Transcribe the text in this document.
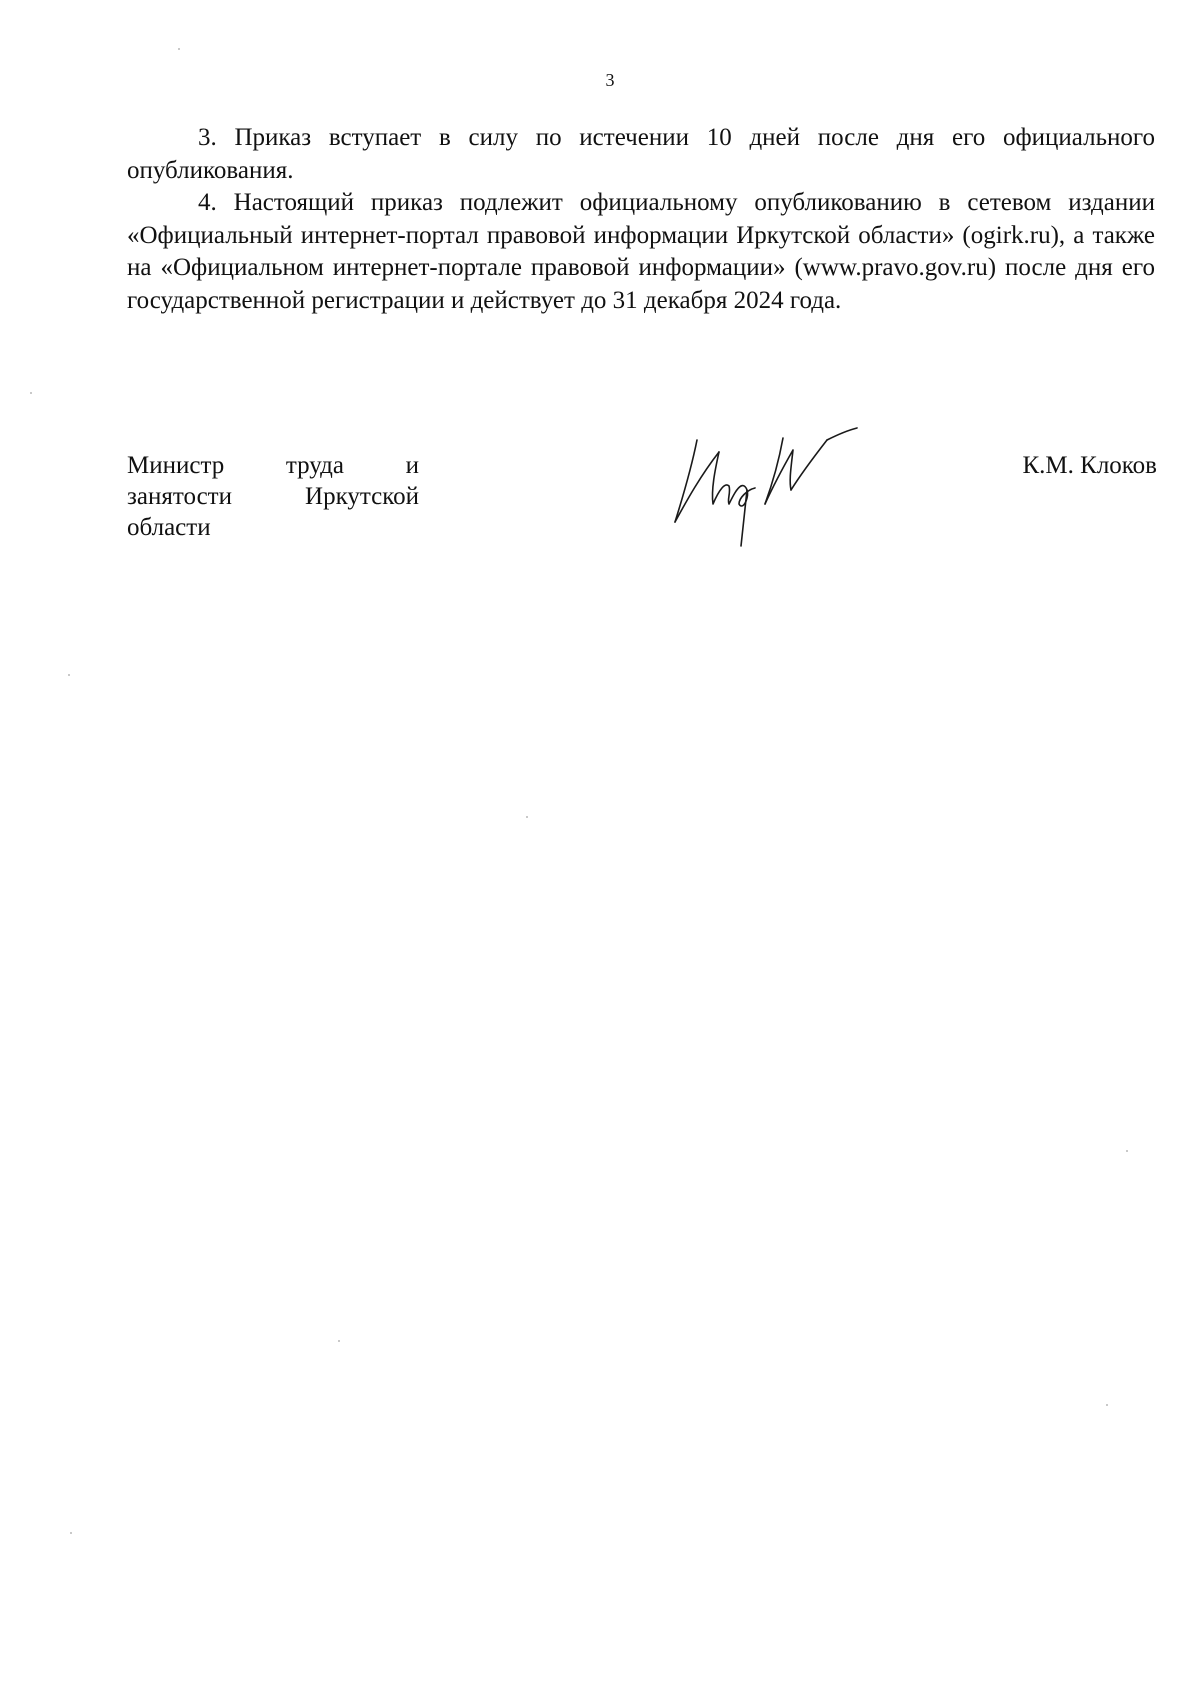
3

3. Приказ вступает в силу по истечении 10 дней после дня его официального опубликования.

4. Настоящий приказ подлежит официальному опубликованию в сетевом издании «Официальный интернет-портал правовой информации Иркутской области» (ogirk.ru), а также на «Официальном интернет-портале правовой информации» (www.pravo.gov.ru) после дня его государственной регистрации и действует до 31 декабря 2024 года.

Министр труда и занятости Иркутской области
К.М. Клоков
